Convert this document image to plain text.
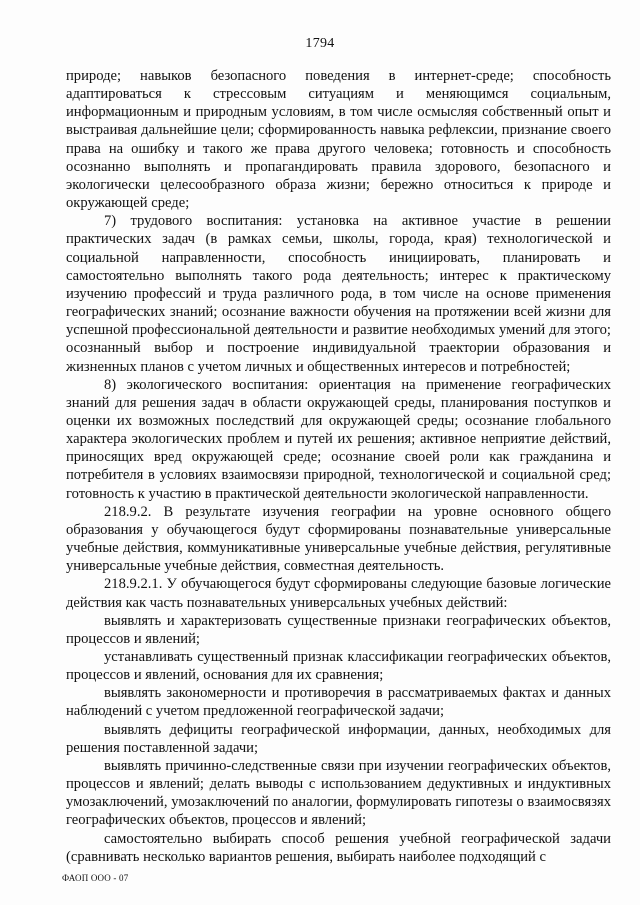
1794

природе; навыков безопасного поведения в интернет-среде; способность адаптироваться к стрессовым ситуациям и меняющимся социальным, информационным и природным условиям, в том числе осмысляя собственный опыт и выстраивая дальнейшие цели; сформированность навыка рефлексии, признание своего права на ошибку и такого же права другого человека; готовность и способность осознанно выполнять и пропагандировать правила здорового, безопасного и экологически целесообразного образа жизни; бережно относиться к природе и окружающей среде;

7) трудового воспитания: установка на активное участие в решении практических задач (в рамках семьи, школы, города, края) технологической и социальной направленности, способность инициировать, планировать и самостоятельно выполнять такого рода деятельность; интерес к практическому изучению профессий и труда различного рода, в том числе на основе применения географических знаний; осознание важности обучения на протяжении всей жизни для успешной профессиональной деятельности и развитие необходимых умений для этого; осознанный выбор и построение индивидуальной траектории образования и жизненных планов с учетом личных и общественных интересов и потребностей;

8) экологического воспитания: ориентация на применение географических знаний для решения задач в области окружающей среды, планирования поступков и оценки их возможных последствий для окружающей среды; осознание глобального характера экологических проблем и путей их решения; активное неприятие действий, приносящих вред окружающей среде; осознание своей роли как гражданина и потребителя в условиях взаимосвязи природной, технологической и социальной сред; готовность к участию в практической деятельности экологической направленности.

218.9.2. В результате изучения географии на уровне основного общего образования у обучающегося будут сформированы познавательные универсальные учебные действия, коммуникативные универсальные учебные действия, регулятивные универсальные учебные действия, совместная деятельность.

218.9.2.1. У обучающегося будут сформированы следующие базовые логические действия как часть познавательных универсальных учебных действий:

выявлять и характеризовать существенные признаки географических объектов, процессов и явлений;

устанавливать существенный признак классификации географических объектов, процессов и явлений, основания для их сравнения;

выявлять закономерности и противоречия в рассматриваемых фактах и данных наблюдений с учетом предложенной географической задачи;

выявлять дефициты географической информации, данных, необходимых для решения поставленной задачи;

выявлять причинно-следственные связи при изучении географических объектов, процессов и явлений; делать выводы с использованием дедуктивных и индуктивных умозаключений, умозаключений по аналогии, формулировать гипотезы о взаимосвязях географических объектов, процессов и явлений;

самостоятельно выбирать способ решения учебной географической задачи (сравнивать несколько вариантов решения, выбирать наиболее подходящий с

ФАОП ООО - 07
